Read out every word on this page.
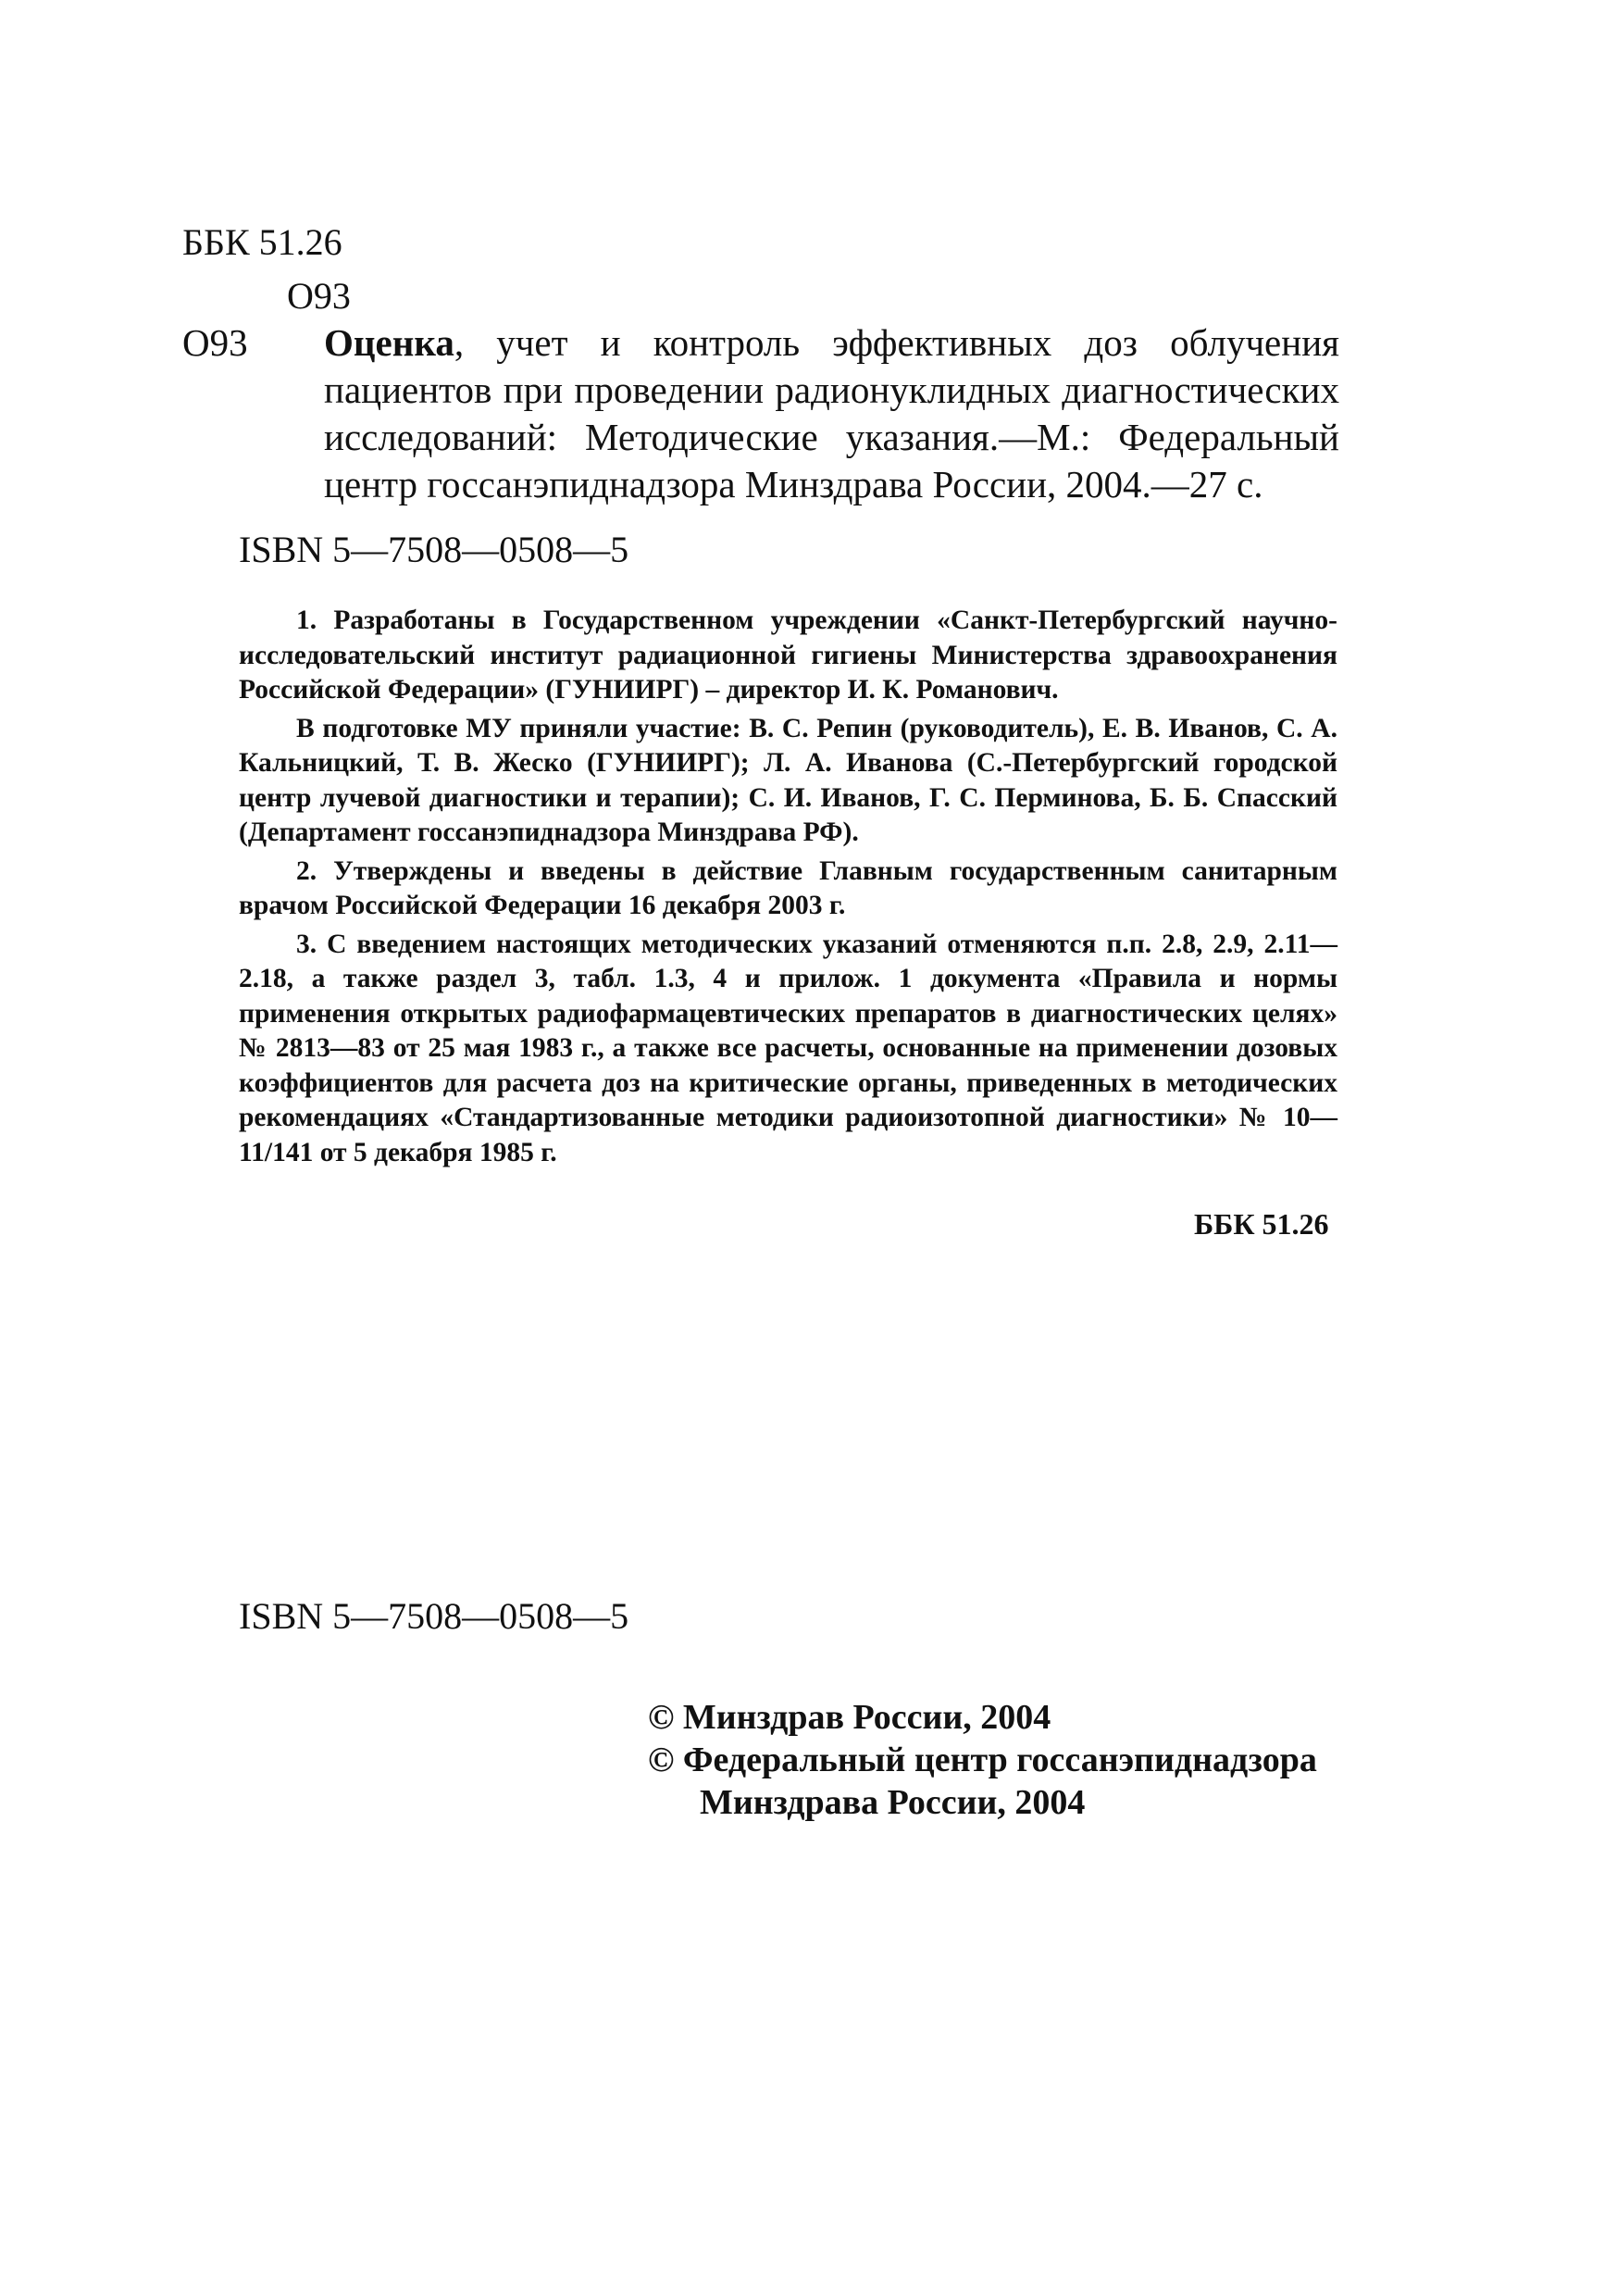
ББК 51.26
О93
О93	Оценка, учет и контроль эффективных доз облучения пациентов при проведении радионуклидных диагностических исследований: Методические указания.—М.: Федеральный центр госсанэпиднадзора Минздрава России, 2004.—27 с.

ISBN 5—7508—0508—5

1. Разработаны в Государственном учреждении «Санкт-Петербургский научно-исследовательский институт радиационной гигиены Министерства здравоохранения Российской Федерации» (ГУНИИРГ) – директор И. К. Романович.

В подготовке МУ приняли участие: В. С. Репин (руководитель), Е. В. Иванов, С. А. Кальницкий, Т. В. Жеско (ГУНИИРГ); Л. А. Иванова (С.-Петербургский городской центр лучевой диагностики и терапии); С. И. Иванов, Г. С. Перминова, Б. Б. Спасский (Департамент госсанэпиднадзора Минздрава РФ).

2. Утверждены и введены в действие Главным государственным санитарным врачом Российской Федерации 16 декабря 2003 г.

3. С введением настоящих методических указаний отменяются п.п. 2.8, 2.9, 2.11—2.18, а также раздел 3, табл. 1.3, 4 и прилож. 1 документа «Правила и нормы применения открытых радиофармацевтических препаратов в диагностических целях» № 2813—83 от 25 мая 1983 г., а также все расчеты, основанные на применении дозовых коэффициентов для расчета доз на критические органы, приведенных в методических рекомендациях «Стандартизованные методики радиоизотопной диагностики» № 10—11/141 от 5 декабря 1985 г.

ББК 51.26
ISBN 5—7508—0508—5
© Минздрав России, 2004
© Федеральный центр госсанэпиднадзора
Минздрава России, 2004
